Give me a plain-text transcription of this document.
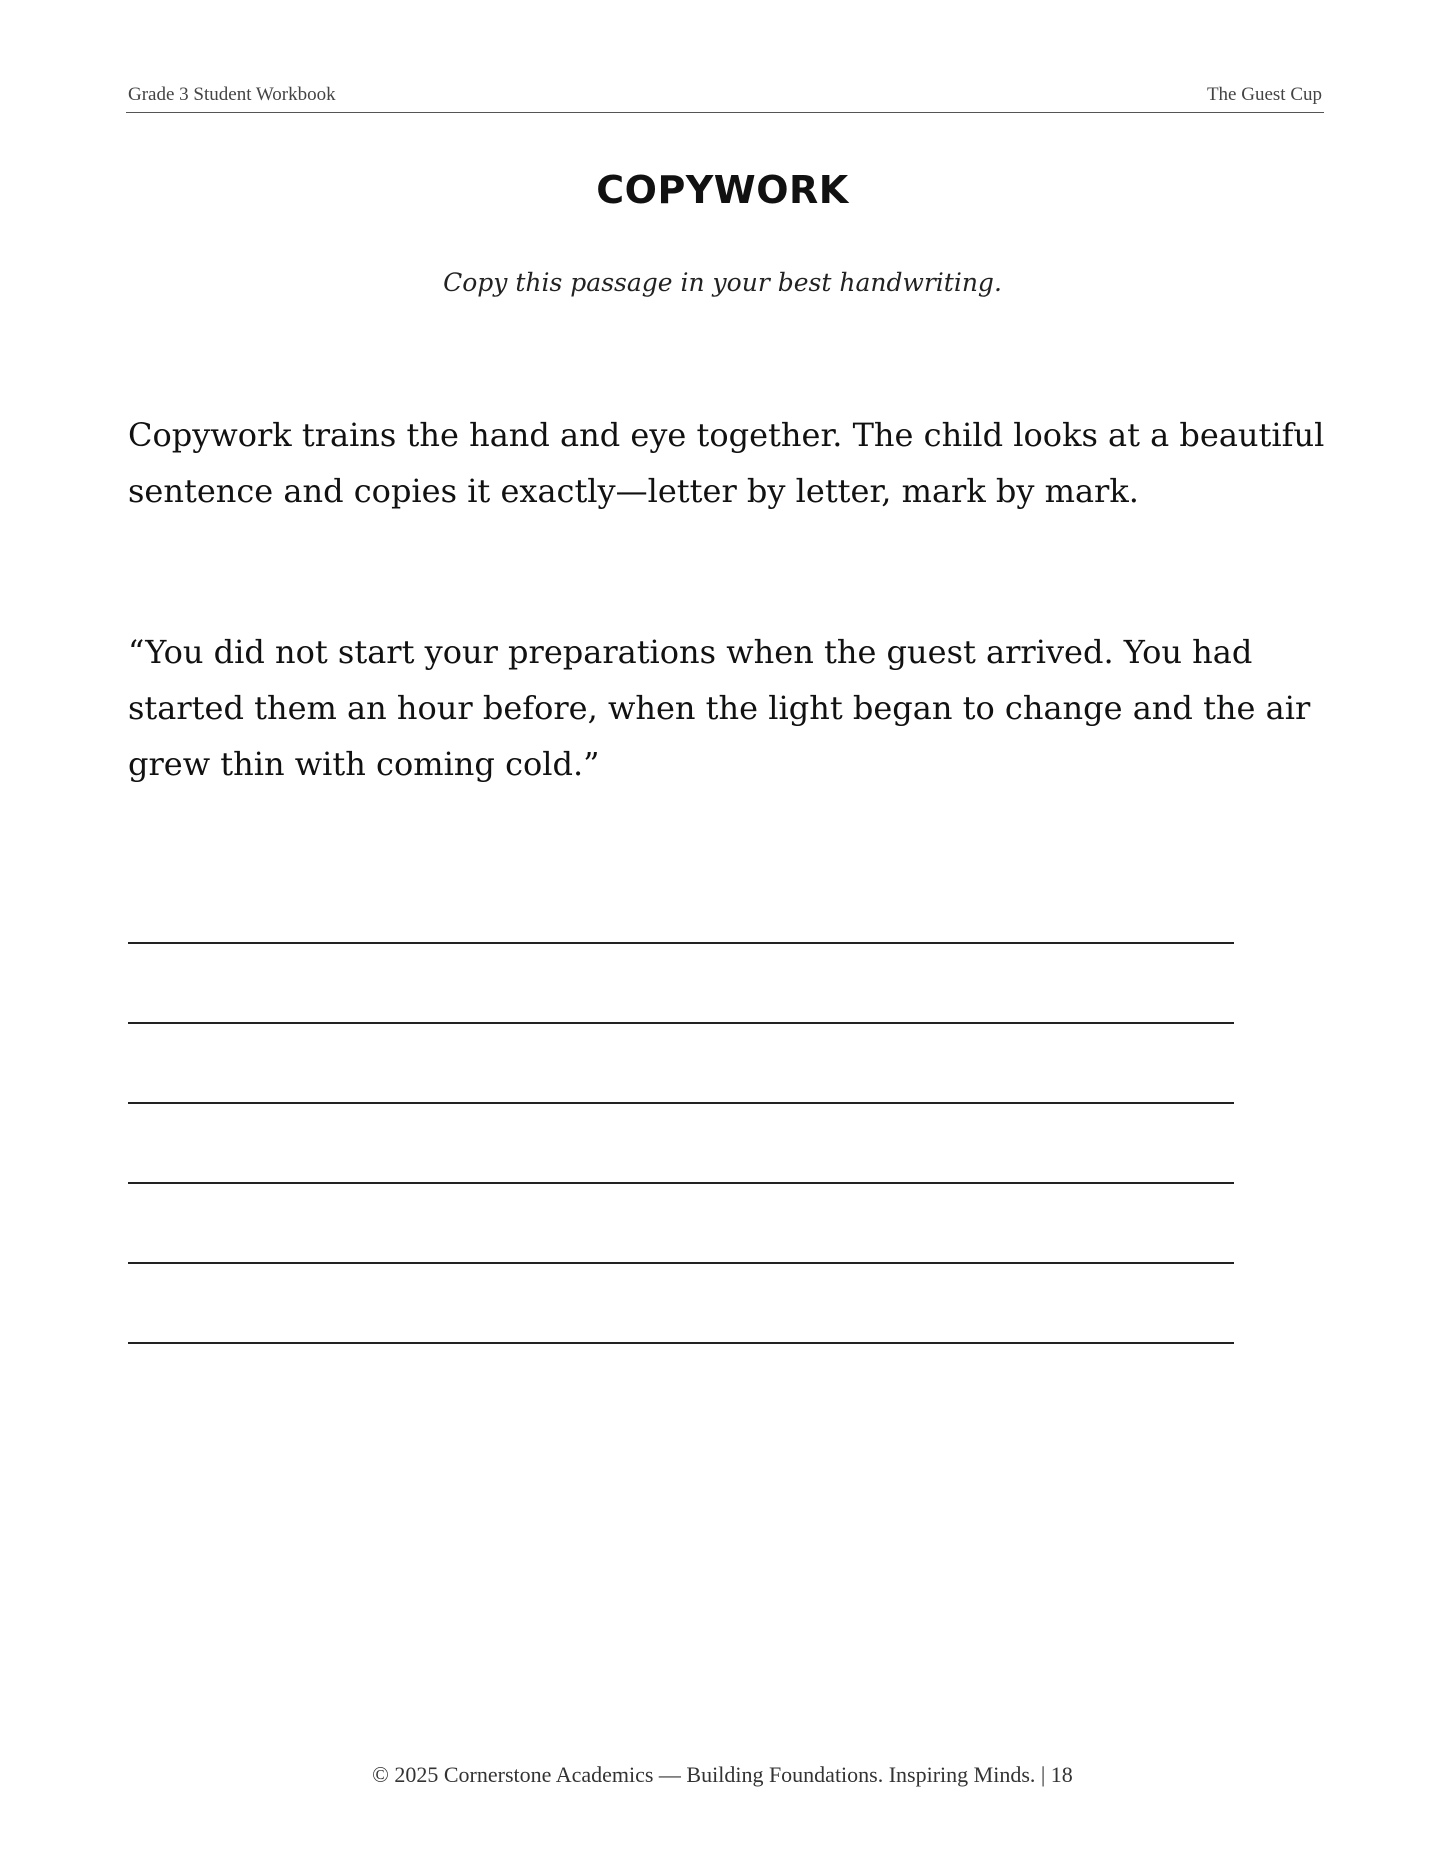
Grade 3 Student Workbook	The Guest Cup
COPYWORK
Copy this passage in your best handwriting.
Copywork trains the hand and eye together. The child looks at a beautiful sentence and copies it exactly—letter by letter, mark by mark.
“You did not start your preparations when the guest arrived. You had started them an hour before, when the light began to change and the air grew thin with coming cold.”
© 2025 Cornerstone Academics — Building Foundations. Inspiring Minds. | 18
